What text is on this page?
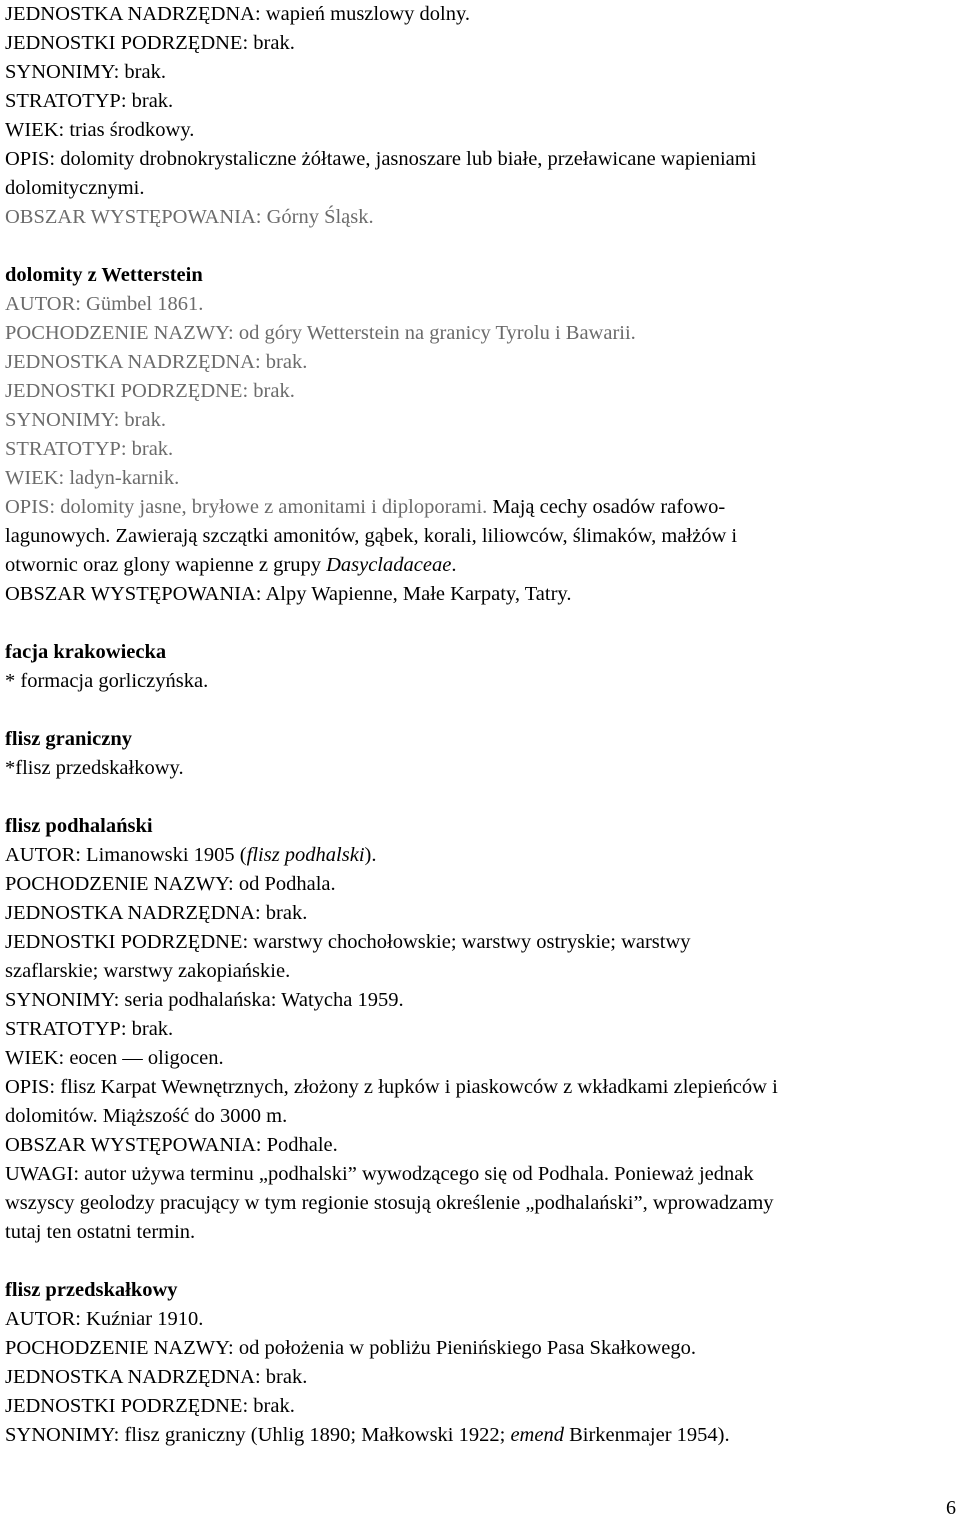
JEDNOSTKA NADRZĘDNA: wapień muszlowy dolny.
JEDNOSTKI PODRZĘDNE: brak.
SYNONIMY: brak.
STRATOTYP: brak.
WIEK: trias środkowy.
OPIS: dolomity drobnokrystaliczne żółtawe, jasnoszare lub białe, przeławicane wapieniami
dolomitycznymi.
OBSZAR WYSTĘPOWANIA: Górny Śląsk.
dolomity z Wetterstein
AUTOR: Gümbel 1861.
POCHODZENIE NAZWY: od góry Wetterstein na granicy Tyrolu i Bawarii.
JEDNOSTKA NADRZĘDNA: brak.
JEDNOSTKI PODRZĘDNE: brak.
SYNONIMY: brak.
STRATOTYP: brak.
WIEK: ladyn-karnik.
OPIS: dolomity jasne, bryłowe z amonitami i diploporami. Mają cechy osadów rafowo-
lagunowych. Zawierają szczątki amonitów, gąbek, korali, liliowców, ślimaków, małżów i
otwornic oraz glony wapienne z grupy Dasycladaceae.
OBSZAR WYSTĘPOWANIA: Alpy Wapienne, Małe Karpaty, Tatry.
facja krakowiecka
* formacja gorliczyńska.
flisz graniczny
*flisz przedskałkowy.
flisz podhalański
AUTOR: Limanowski 1905 (flisz podhalski).
POCHODZENIE NAZWY: od Podhala.
JEDNOSTKA NADRZĘDNA: brak.
JEDNOSTKI PODRZĘDNE: warstwy chochołowskie; warstwy ostryskie; warstwy
szaflarskie; warstwy zakopiańskie.
SYNONIMY: seria podhalańska: Watycha 1959.
STRATOTYP: brak.
WIEK: eocen — oligocen.
OPIS: flisz Karpat Wewnętrznych, złożony z łupków i piaskowców z wkładkami zlepieńców i
dolomitów. Miąższość do 3000 m.
OBSZAR WYSTĘPOWANIA: Podhale.
UWAGI: autor używa terminu „podhalski” wywodzącego się od Podhala. Ponieważ jednak
wszyscy geolodzy pracujący w tym regionie stosują określenie „podhalański”, wprowadzamy
tutaj ten ostatni termin.
flisz przedskałkowy
AUTOR: Kuźniar 1910.
POCHODZENIE NAZWY: od położenia w pobliżu Pienińskiego Pasa Skałkowego.
JEDNOSTKA NADRZĘDNA: brak.
JEDNOSTKI PODRZĘDNE: brak.
SYNONIMY: flisz graniczny (Uhlig 1890; Małkowski 1922; emend Birkenmajer 1954).
6
